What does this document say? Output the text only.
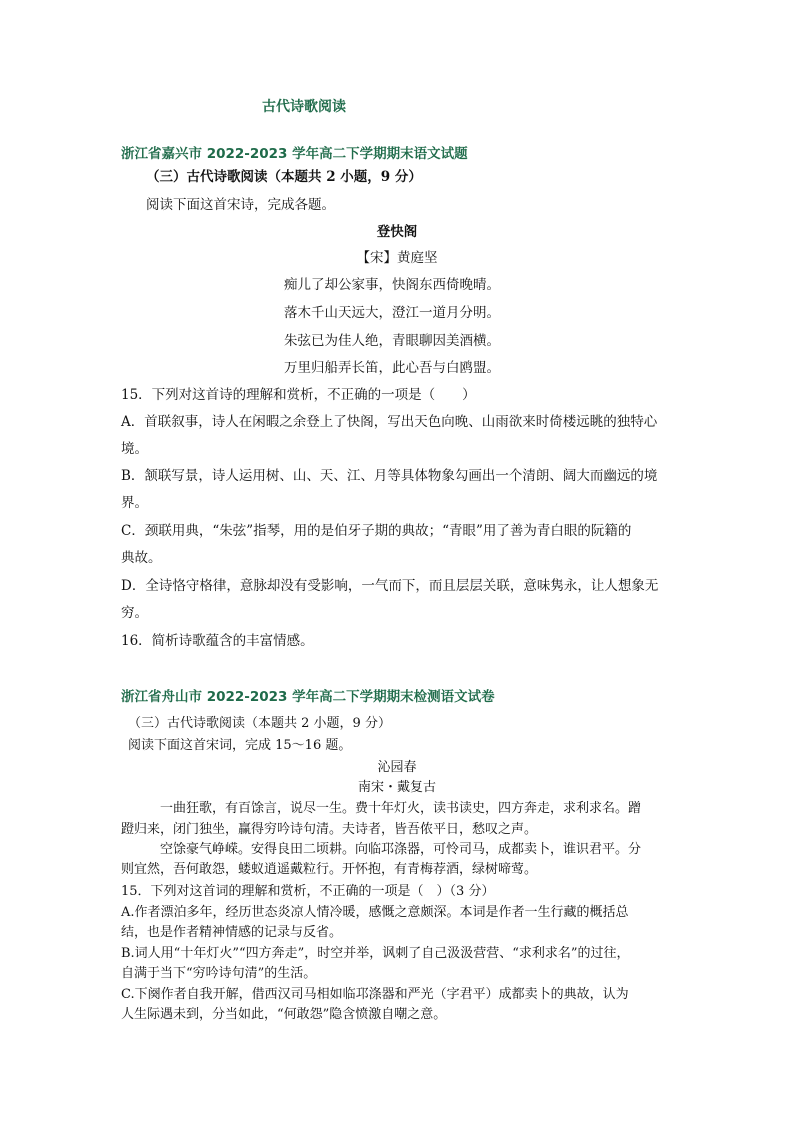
古代诗歌阅读
浙江省嘉兴市 2022-2023 学年高二下学期期末语文试题
（三）古代诗歌阅读（本题共 2 小题，9 分）
阅读下面这首宋诗，完成各题。
登快阁
【宋】黄庭坚
痴儿了却公家事，快阁东西倚晚晴。
落木千山天远大，澄江一道月分明。
朱弦已为佳人绝，青眼聊因美酒横。
万里归船弄长笛，此心吾与白鸥盟。
15．下列对这首诗的理解和赏析，不正确的一项是（　　）
A．首联叙事，诗人在闲暇之余登上了快阁，写出天色向晚、山雨欲来时倚楼远眺的独特心
境。
B．颔联写景，诗人运用树、山、天、江、月等具体物象勾画出一个清朗、阔大而幽远的境
界。
C．颈联用典，“朱弦”指琴，用的是伯牙子期的典故；“青眼”用了善为青白眼的阮籍的
典故。
D．全诗恪守格律，意脉却没有受影响，一气而下，而且层层关联，意味隽永，让人想象无
穷。
16．简析诗歌蕴含的丰富情感。
浙江省舟山市 2022-2023 学年高二下学期期末检测语文试卷
（三）古代诗歌阅读（本题共 2 小题，9 分）
阅读下面这首宋词，完成 15～16 题。
沁园春
南宋・戴复古
一曲狂歌，有百馀言，说尽一生。费十年灯火，读书读史，四方奔走，求利求名。蹭
蹬归来，闭门独坐，赢得穷吟诗句清。夫诗者，皆吾侬平日，愁叹之声。
空馀豪气峥嵘。安得良田二顷耕。向临邛涤器，可怜司马，成都卖卜，谁识君平。分
则宜然，吾何敢怨，蝼蚁逍遥戴粒行。开怀抱，有青梅荐酒，绿树啼莺。
15．下列对这首词的理解和赏析，不正确的一项是（　）（3 分）
A.作者漂泊多年，经历世态炎凉人情冷暖，感慨之意颇深。本词是作者一生行藏的概括总
结，也是作者精神情感的记录与反省。
B.词人用“十年灯火”“四方奔走”，时空并举，讽刺了自己汲汲营营、“求利求名”的过往，
自满于当下“穷吟诗句清”的生活。
C.下阕作者自我开解，借西汉司马相如临邛涤器和严光（字君平）成都卖卜的典故，认为
人生际遇未到，分当如此，“何敢怨”隐含愤激自嘲之意。
